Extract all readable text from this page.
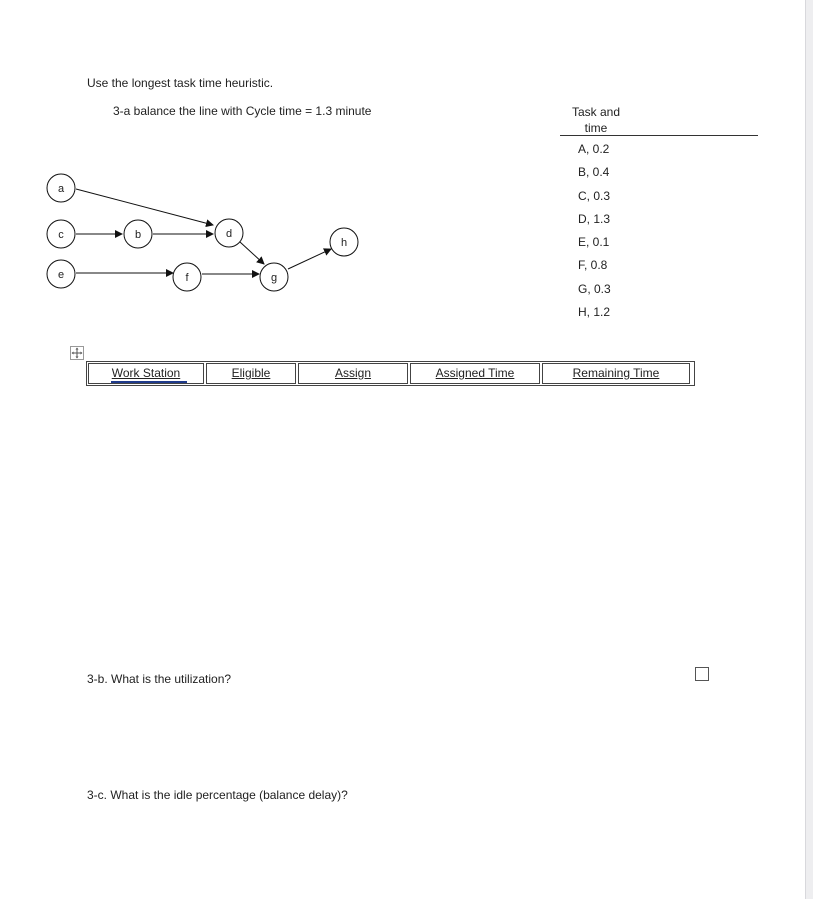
Use the longest task time heuristic.
3-a balance the line with Cycle time = 1.3 minute	Task and
time
A, 0.2
B, 0.4
C, 0.3
D, 1.3
E, 0.1
F, 0.8
G, 0.3
H, 1.2
a
c
e
b	d
f	g
h
Work Station	Eligible	Assign	Assigned Time	Remaining Time
3-b. What is the utilization?
3-c. What is the idle percentage (balance delay)?
